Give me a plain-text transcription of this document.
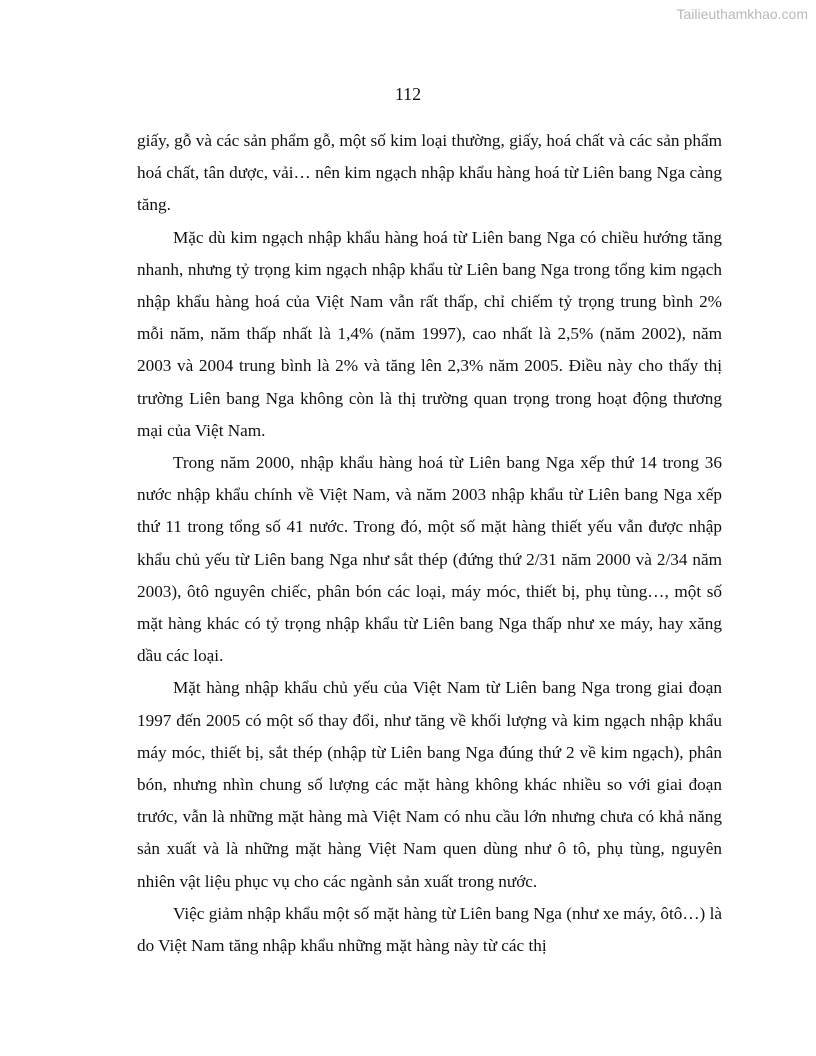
Tailieuthamkhao.com
112

giấy, gỗ và các sản phẩm gỗ, một số kim loại thường, giấy, hoá chất và các sản phẩm hoá chất, tân dược, vải… nên kim ngạch nhập khẩu hàng hoá từ Liên bang Nga càng tăng.

Mặc dù kim ngạch nhập khẩu hàng hoá từ Liên bang Nga có chiều hướng tăng nhanh, nhưng tỷ trọng kim ngạch nhập khẩu từ Liên bang Nga trong tổng kim ngạch nhập khẩu hàng hoá của Việt Nam vẫn rất thấp, chỉ chiếm tỷ trọng trung bình 2% mỗi năm, năm thấp nhất là 1,4% (năm 1997), cao nhất là 2,5% (năm 2002), năm 2003 và 2004 trung bình là 2% và tăng lên 2,3% năm 2005. Điều này cho thấy thị trường Liên bang Nga không còn là thị trường quan trọng trong hoạt động thương mại của Việt Nam.

Trong năm 2000, nhập khẩu hàng hoá từ Liên bang Nga xếp thứ 14 trong 36 nước nhập khẩu chính về Việt Nam, và năm 2003 nhập khẩu từ Liên bang Nga xếp thứ 11 trong tổng số 41 nước. Trong đó, một số mặt hàng thiết yếu vẫn được nhập khẩu chủ yếu từ Liên bang Nga như sắt thép (đứng thứ 2/31 năm 2000 và 2/34 năm 2003), ôtô nguyên chiếc, phân bón các loại, máy móc, thiết bị, phụ tùng…, một số mặt hàng khác có tỷ trọng nhập khẩu từ Liên bang Nga thấp như xe máy, hay xăng dầu các loại.

Mặt hàng nhập khẩu chủ yếu của Việt Nam từ Liên bang Nga trong giai đoạn 1997 đến 2005 có một số thay đổi, như tăng về khối lượng và kim ngạch nhập khẩu máy móc, thiết bị, sắt thép (nhập từ Liên bang Nga đúng thứ 2 về kim ngạch), phân bón, nhưng nhìn chung số lượng các mặt hàng không khác nhiều so với giai đoạn trước, vẫn là những mặt hàng mà Việt Nam có nhu cầu lớn nhưng chưa có khả năng sản xuất và là những mặt hàng Việt Nam quen dùng như ô tô, phụ tùng, nguyên nhiên vật liệu phục vụ cho các ngành sản xuất trong nước.

Việc giảm nhập khẩu một số mặt hàng từ Liên bang Nga (như xe máy, ôtô…) là do Việt Nam tăng nhập khẩu những mặt hàng này từ các thị
